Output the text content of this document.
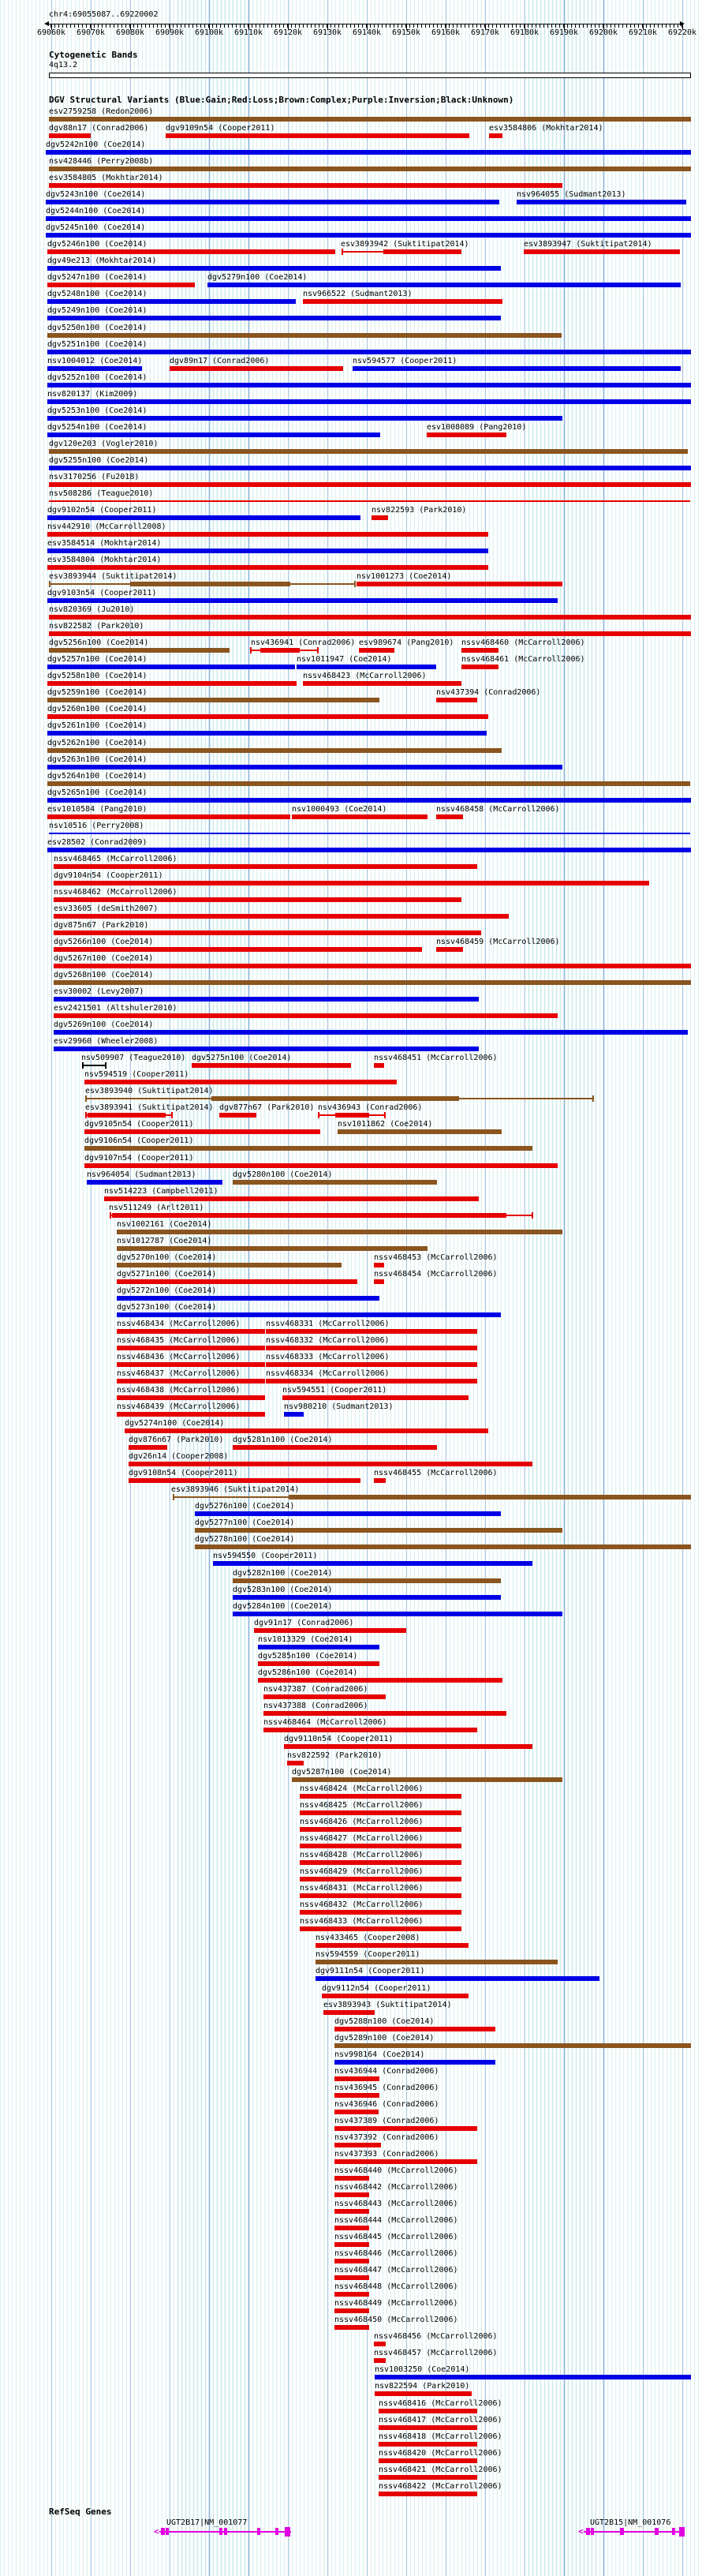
chr4:69055087..69220002
69060k 69070k 69080k 69090k 69100k 69110k 69120k 69130k 69140k 69150k 69160k 69170k 69180k 69190k 69200k 69210k 69220k
Cytogenetic Bands
4q13.2
DGV Structural Variants (Blue:Gain;Red:Loss;Brown:Complex;Purple:Inversion;Black:Unknown)
esv2759258 (Redon2006)
dgv88n17 (Conrad2006) dgv9109n54 (Cooper2011)	esv3584806 (Mokhtar2014)
dgv5242n100 (Coe2014)
nsv428446 (Perry2008b)
esv3584805 (Mokhtar2014)
dgv5243n100 (Coe2014)	nsv964055 (Sudmant2013)
dgv5244n100 (Coe2014)
dgv5245n100 (Coe2014)
dgv5246n100 (Coe2014)	esv3893942 (Suktitipat2014)	esv3893947 (Suktitipat2014)
dgv49e213 (Mokhtar2014)
dgv5247n100 (Coe2014)	dgv5279n100 (Coe2014)
dgv5248n100 (Coe2014)	nsv966522 (Sudmant2013)
dgv5249n100 (Coe2014)
dgv5250n100 (Coe2014)
dgv5251n100 (Coe2014)
nsv1004012 (Coe2014)	dgv89n17 (Conrad2006)	nsv594577 (Cooper2011)
dgv5252n100 (Coe2014)
nsv820137 (Kim2009)
dgv5253n100 (Coe2014)
dgv5254n100 (Coe2014)	esv1008089 (Pang2010)
dgv120e203 (Vogler2010)
dgv5255n100 (Coe2014)
nsv3170256 (Fu2018)
nsv508286 (Teague2010)
dgv9102n54 (Cooper2011)	nsv822593 (Park2010)
nsv442910 (McCarroll2008)
esv3584514 (Mokhtar2014)
esv3584804 (Mokhtar2014)
esv3893944 (Suktitipat2014)	nsv1001273 (Coe2014)
dgv9103n54 (Cooper2011)
nsv820369 (Ju2010)
nsv822582 (Park2010)
dgv5256n100 (Coe2014)	nsv436941 (Conrad2006) esv989674 (Pang2010) nssv468460 (McCarroll2006)
dgv5257n100 (Coe2014)	nsv1011947 (Coe2014)	nssv468461 (McCarroll2006)
dgv5258n100 (Coe2014)	nssv468423 (McCarroll2006)
dgv5259n100 (Coe2014)	nsv437394 (Conrad2006)
dgv5260n100 (Coe2014)
dgv5261n100 (Coe2014)
dgv5262n100 (Coe2014)
dgv5263n100 (Coe2014)
dgv5264n100 (Coe2014)
dgv5265n100 (Coe2014)
esv1010584 (Pang2010)	nsv1000493 (Coe2014)	nssv468458 (McCarroll2006)
nsv10516 (Perry2008)
esv28502 (Conrad2009)
nssv468465 (McCarroll2006)
dgv9104n54 (Cooper2011)
nssv468462 (McCarroll2006)
esv33605 (deSmith2007)
dgv875n67 (Park2010)
dgv5266n100 (Coe2014)	nssv468459 (McCarroll2006)
dgv5267n100 (Coe2014)
dgv5268n100 (Coe2014)
esv30002 (Levy2007)
esv2421501 (Altshuler2010)
dgv5269n100 (Coe2014)
esv29960 (Wheeler2008)
nsv509907 (Teague2010) dgv5275n100 (Coe2014)	nssv468451 (McCarroll2006)
nsv594519 (Cooper2011)
esv3893940 (Suktitipat2014)
esv3893941 (Suktitipat2014) dgv877n67 (Park2010) nsv436943 (Conrad2006)
dgv9105n54 (Cooper2011)	nsv1011862 (Coe2014)
dgv9106n54 (Cooper2011)
dgv9107n54 (Cooper2011)
nsv964054 (Sudmant2013)	dgv5280n100 (Coe2014)
nsv514223 (Campbell2011)
nsv511249 (Arlt2011)
nsv1002161 (Coe2014)
nsv1012787 (Coe2014)
dgv5270n100 (Coe2014)	nssv468453 (McCarroll2006)
dgv5271n100 (Coe2014)	nssv468454 (McCarroll2006)
dgv5272n100 (Coe2014)
dgv5273n100 (Coe2014)
nssv468434 (McCarroll2006)	nssv468331 (McCarroll2006)
nssv468435 (McCarroll2006)	nssv468332 (McCarroll2006)
nssv468436 (McCarroll2006)	nssv468333 (McCarroll2006)
nssv468437 (McCarroll2006)	nssv468334 (McCarroll2006)
nssv468438 (McCarroll2006)	nsv594551 (Cooper2011)
nssv468439 (McCarroll2006)	nsv980210 (Sudmant2013)
dgv5274n100 (Coe2014)
dgv876n67 (Park2010) dgv5281n100 (Coe2014)
dgv26n14 (Cooper2008)
dgv9108n54 (Cooper2011)	nssv468455 (McCarroll2006)
esv3893946 (Suktitipat2014)
dgv5276n100 (Coe2014)
dgv5277n100 (Coe2014)
dgv5278n100 (Coe2014)
nsv594550 (Cooper2011)
dgv5282n100 (Coe2014)
dgv5283n100 (Coe2014)
dgv5284n100 (Coe2014)
dgv91n17 (Conrad2006)
nsv1013329 (Coe2014)
dgv5285n100 (Coe2014)
dgv5286n100 (Coe2014)
nsv437387 (Conrad2006)
nsv437388 (Conrad2006)
nssv468464 (McCarroll2006)
dgv9110n54 (Cooper2011)
nsv822592 (Park2010)
dgv5287n100 (Coe2014)
nssv468424 (McCarroll2006)
nssv468425 (McCarroll2006)
nssv468426 (McCarroll2006)
nssv468427 (McCarroll2006)
nssv468428 (McCarroll2006)
nssv468429 (McCarroll2006)
nssv468431 (McCarroll2006)
nssv468432 (McCarroll2006)
nssv468433 (McCarroll2006)
nsv433465 (Cooper2008)
nsv594559 (Cooper2011)
dgv9111n54 (Cooper2011)
dgv9112n54 (Cooper2011)
esv3893943 (Suktitipat2014)
dgv5288n100 (Coe2014)
dgv5289n100 (Coe2014)
nsv998164 (Coe2014)
nsv436944 (Conrad2006)
nsv436945 (Conrad2006)
nsv436946 (Conrad2006)
nsv437389 (Conrad2006)
nsv437392 (Conrad2006)
nsv437393 (Conrad2006)
nssv468440 (McCarroll2006)
nssv468442 (McCarroll2006)
nssv468443 (McCarroll2006)
nssv468444 (McCarroll2006)
nssv468445 (McCarroll2006)
nssv468446 (McCarroll2006)
nssv468447 (McCarroll2006)
nssv468448 (McCarroll2006)
nssv468449 (McCarroll2006)
nssv468450 (McCarroll2006)
nssv468456 (McCarroll2006)
nssv468457 (McCarroll2006)
nsv1003250 (Coe2014)
nsv822594 (Park2010)
nssv468416 (McCarroll2006)
nssv468417 (McCarroll2006)
nssv468418 (McCarroll2006)
nssv468420 (McCarroll2006)
nssv468421 (McCarroll2006)
nssv468422 (McCarroll2006)
RefSeq Genes
UGT2B17|NM_001077
<
UGT2B15|NM_001076
<
